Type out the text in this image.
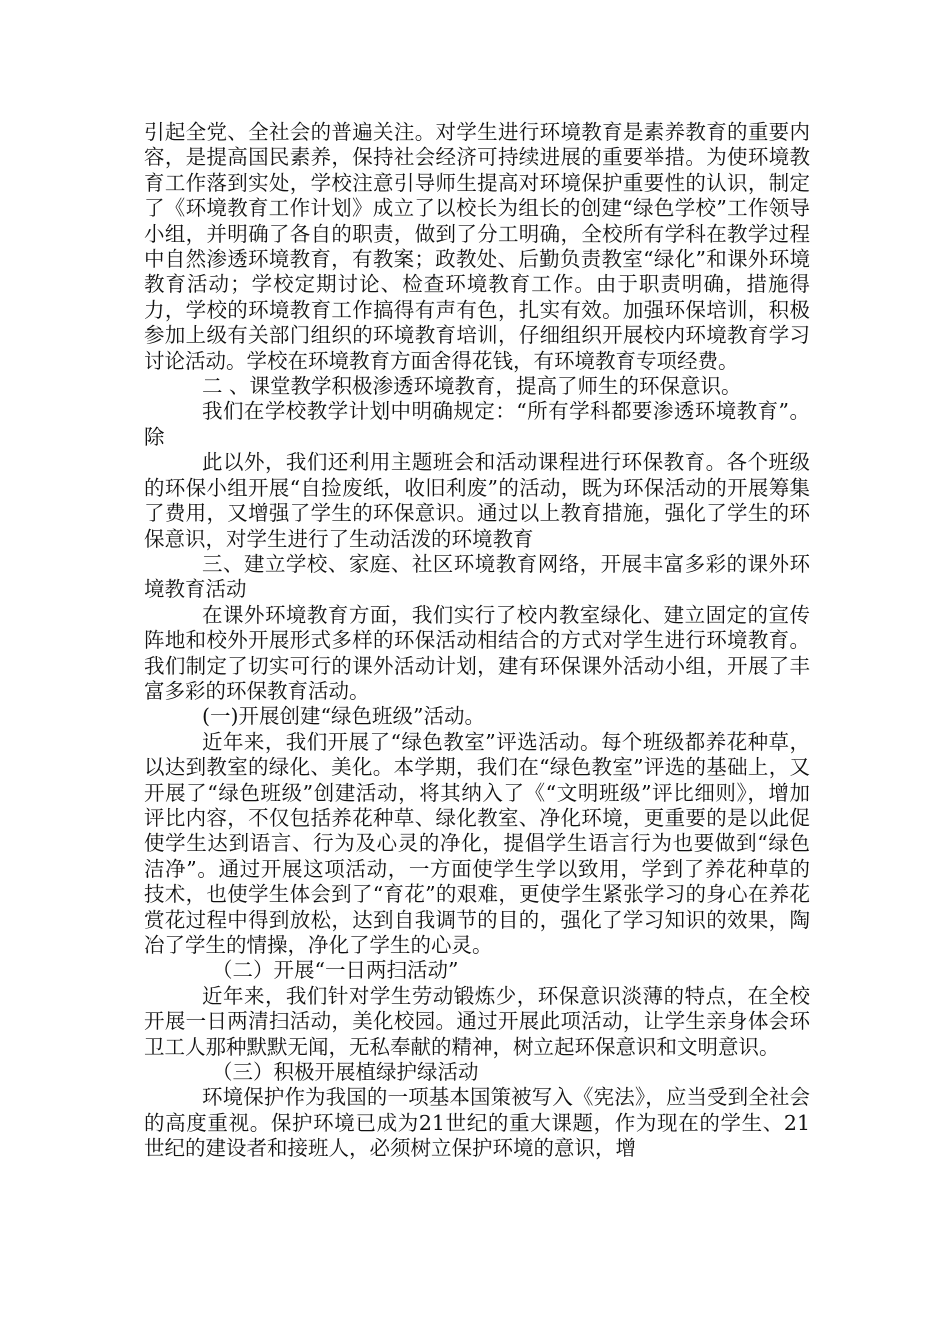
引起全党、全社会的普遍关注。对学生进行环境教育是素养教育的重要内容，是提高国民素养，保持社会经济可持续进展的重要举措。为使环境教育工作落到实处，学校注意引导师生提高对环境保护重要性的认识，制定了《环境教育工作计划》成立了以校长为组长的创建“绿色学校”工作领导小组，并明确了各自的职责，做到了分工明确，全校所有学科在教学过程中自然渗透环境教育，有教案；政教处、后勤负责教室“绿化”和课外环境教育活动；学校定期讨论、检查环境教育工作。由于职责明确，措施得力，学校的环境教育工作搞得有声有色，扎实有效。加强环保培训，积极参加上级有关部门组织的环境教育培训，仔细组织开展校内环境教育学习讨论活动。学校在环境教育方面舍得花钱，有环境教育专项经费。

二 、课堂教学积极渗透环境教育，提高了师生的环保意识。

我们在学校教学计划中明确规定：“所有学科都要渗透环境教育”。除

此以外，我们还利用主题班会和活动课程进行环保教育。各个班级的环保小组开展“自捡废纸，收旧利废”的活动，既为环保活动的开展筹集了费用，又增强了学生的环保意识。通过以上教育措施，强化了学生的环保意识，对学生进行了生动活泼的环境教育

三、建立学校、家庭、社区环境教育网络，开展丰富多彩的课外环境教育活动

在课外环境教育方面，我们实行了校内教室绿化、建立固定的宣传阵地和校外开展形式多样的环保活动相结合的方式对学生进行环境教育。我们制定了切实可行的课外活动计划，建有环保课外活动小组，开展了丰富多彩的环保教育活动。

(一)开展创建“绿色班级”活动。

近年来，我们开展了“绿色教室”评选活动。每个班级都养花种草，以达到教室的绿化、美化。本学期，我们在“绿色教室”评选的基础上，又开展了“绿色班级”创建活动，将其纳入了《“文明班级”评比细则》，增加评比内容，不仅包括养花种草、绿化教室、净化环境，更重要的是以此促使学生达到语言、行为及心灵的净化，提倡学生语言行为也要做到“绿色洁净”。通过开展这项活动，一方面使学生学以致用，学到了养花种草的技术，也使学生体会到了“育花”的艰难，更使学生紧张学习的身心在养花赏花过程中得到放松，达到自我调节的目的，强化了学习知识的效果，陶冶了学生的情操，净化了学生的心灵。

（二）开展“一日两扫活动”

近年来，我们针对学生劳动锻炼少，环保意识淡薄的特点，在全校开展一日两清扫活动，美化校园。通过开展此项活动，让学生亲身体会环卫工人那种默默无闻，无私奉献的精神，树立起环保意识和文明意识。

（三）积极开展植绿护绿活动

环境保护作为我国的一项基本国策被写入《宪法》，应当受到全社会的高度重视。保护环境已成为21世纪的重大课题，作为现在的学生、21世纪的建设者和接班人，必须树立保护环境的意识，增
